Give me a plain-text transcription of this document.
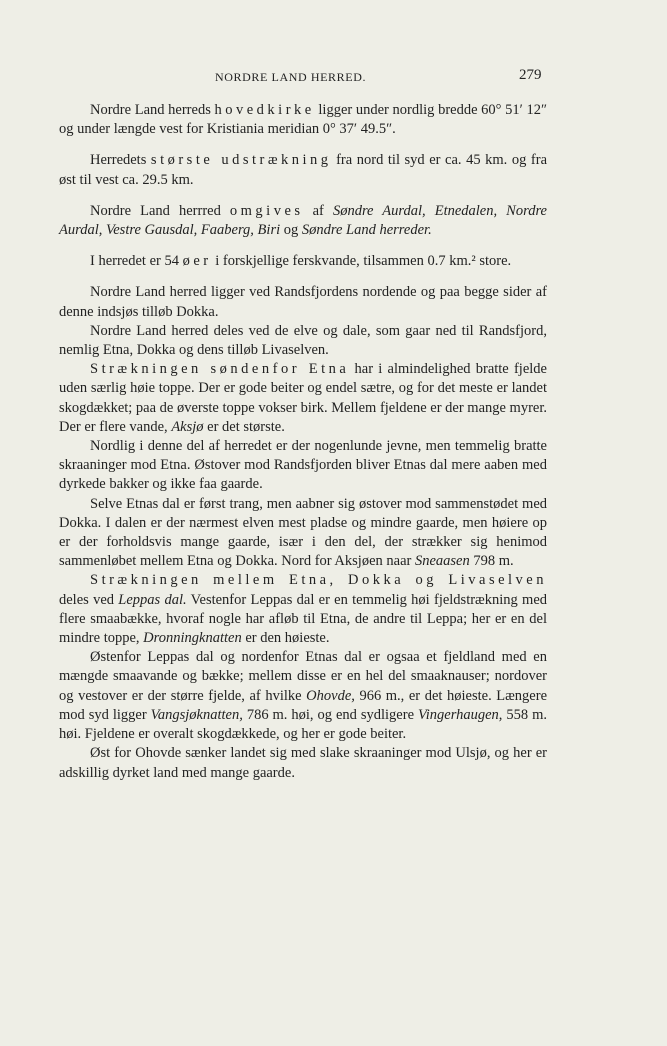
NORDRE LAND HERRED.	279

Nordre Land herreds hovedkirke ligger under nordlig bredde 60° 51′ 12″ og under længde vest for Kristiania meridian 0° 37′ 49.5″.

Herredets største udstrækning fra nord til syd er ca. 45 km. og fra øst til vest ca. 29.5 km.

Nordre Land herrred omgives af Søndre Aurdal, Etnedalen, Nordre Aurdal, Vestre Gausdal, Faaberg, Biri og Søndre Land herreder.

I herredet er 54 øer i forskjellige ferskvande, tilsammen 0.7 km.² store.

Nordre Land herred ligger ved Randsfjordens nordende og paa begge sider af denne indsjøs tilløb Dokka.

Nordre Land herred deles ved de elve og dale, som gaar ned til Randsfjord, nemlig Etna, Dokka og dens tilløb Livaselven.

Strækningen søndenfor Etna har i almindelighed bratte fjelde uden særlig høie toppe. Der er gode beiter og endel sætre, og for det meste er landet skogdækket; paa de øverste toppe vokser birk. Mellem fjeldene er der mange myrer. Der er flere vande, Aksjø er det største.

Nordlig i denne del af herredet er der nogenlunde jevne, men temmelig bratte skraaninger mod Etna. Østover mod Randsfjorden bliver Etnas dal mere aaben med dyrkede bakker og ikke faa gaarde.

Selve Etnas dal er først trang, men aabner sig østover mod sammenstødet med Dokka. I dalen er der nærmest elven mest pladse og mindre gaarde, men høiere op er der forholdsvis mange gaarde, især i den del, der strækker sig henimod sammenløbet mellem Etna og Dokka. Nord for Aksjøen naar Sneaasen 798 m.

Strækningen mellem Etna, Dokka og Livaselven deles ved Leppas dal. Vestenfor Leppas dal er en temmelig høi fjeldstrækning med flere smaabække, hvoraf nogle har afløb til Etna, de andre til Leppa; her er en del mindre toppe, Dronningknatten er den høieste.

Østenfor Leppas dal og nordenfor Etnas dal er ogsaa et fjeldland med en mængde smaavande og bække; mellem disse er en hel del smaaknauser; nordover og vestover er der større fjelde, af hvilke Ohovde, 966 m., er det høieste. Længere mod syd ligger Vangsjøknatten, 786 m. høi, og end sydligere Vingerhaugen, 558 m. høi. Fjeldene er overalt skogdækkede, og her er gode beiter.

Øst for Ohovde sænker landet sig med slake skraaninger mod Ulsjø, og her er adskillig dyrket land med mange gaarde.
